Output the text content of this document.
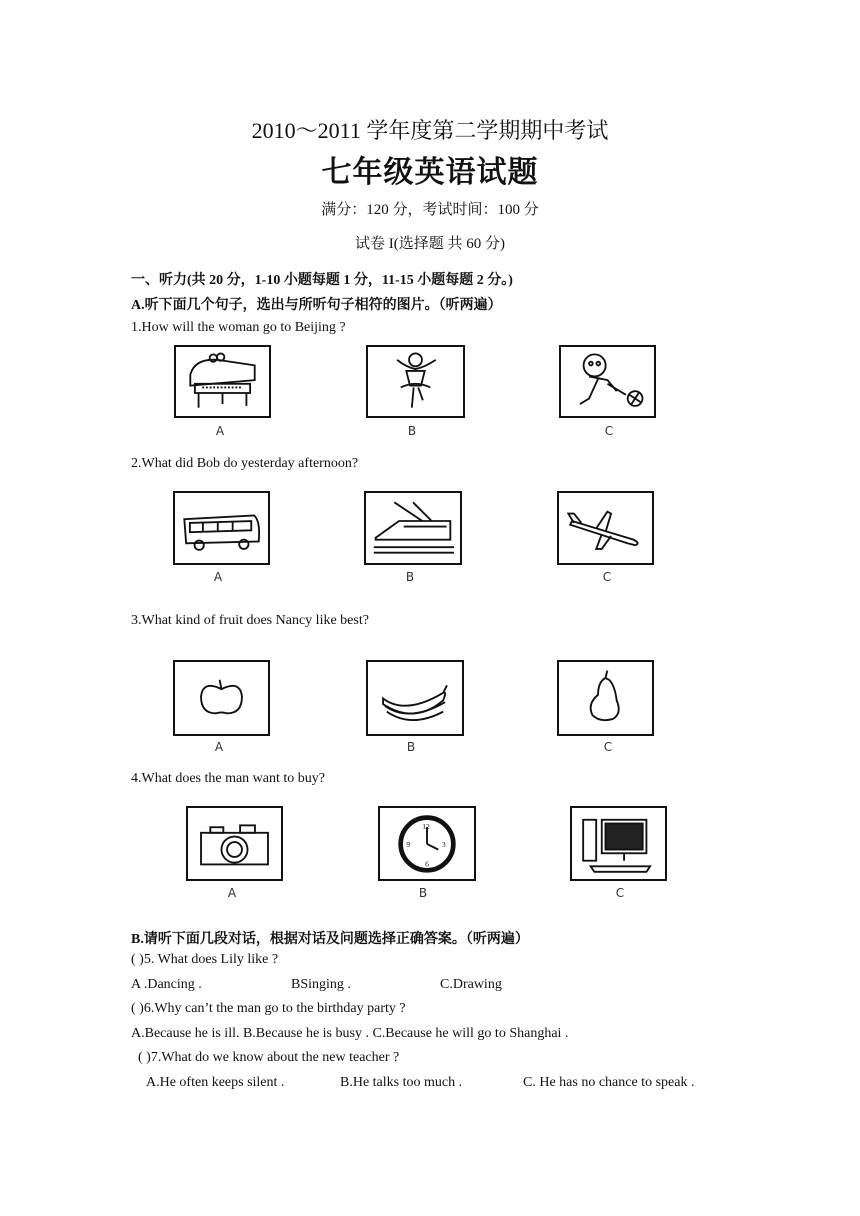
2010～2011 学年度第二学期期中考试
七年级英语试题
满分：120 分，考试时间：100 分
试卷 I(选择题 共 60 分)
一、听力(共 20 分，1-10 小题每题 1 分，11-15 小题每题 2 分。)
A.听下面几个句子，选出与所听句子相符的图片。（听两遍）
1.How will the woman go to Beijing ?
A	B	C
2.What did Bob do yesterday afternoon?
A	B	C
3.What kind of fruit does Nancy like best?
A	B	C
4.What does the man want to buy?
12
3
6
9
A	B	C
B.请听下面几段对话，根据对话及问题选择正确答案。（听两遍）
( )5. What does Lily like ?
A .Dancing .	BSinging .	C.Drawing
( )6.Why can’t the man go to the birthday party ?
A.Because he is ill. B.Because he is busy . C.Because he will go to Shanghai .
( )7.What do we know about the new teacher ?
A.He often keeps silent .	B.He talks too much .	C. He has no chance to speak .
